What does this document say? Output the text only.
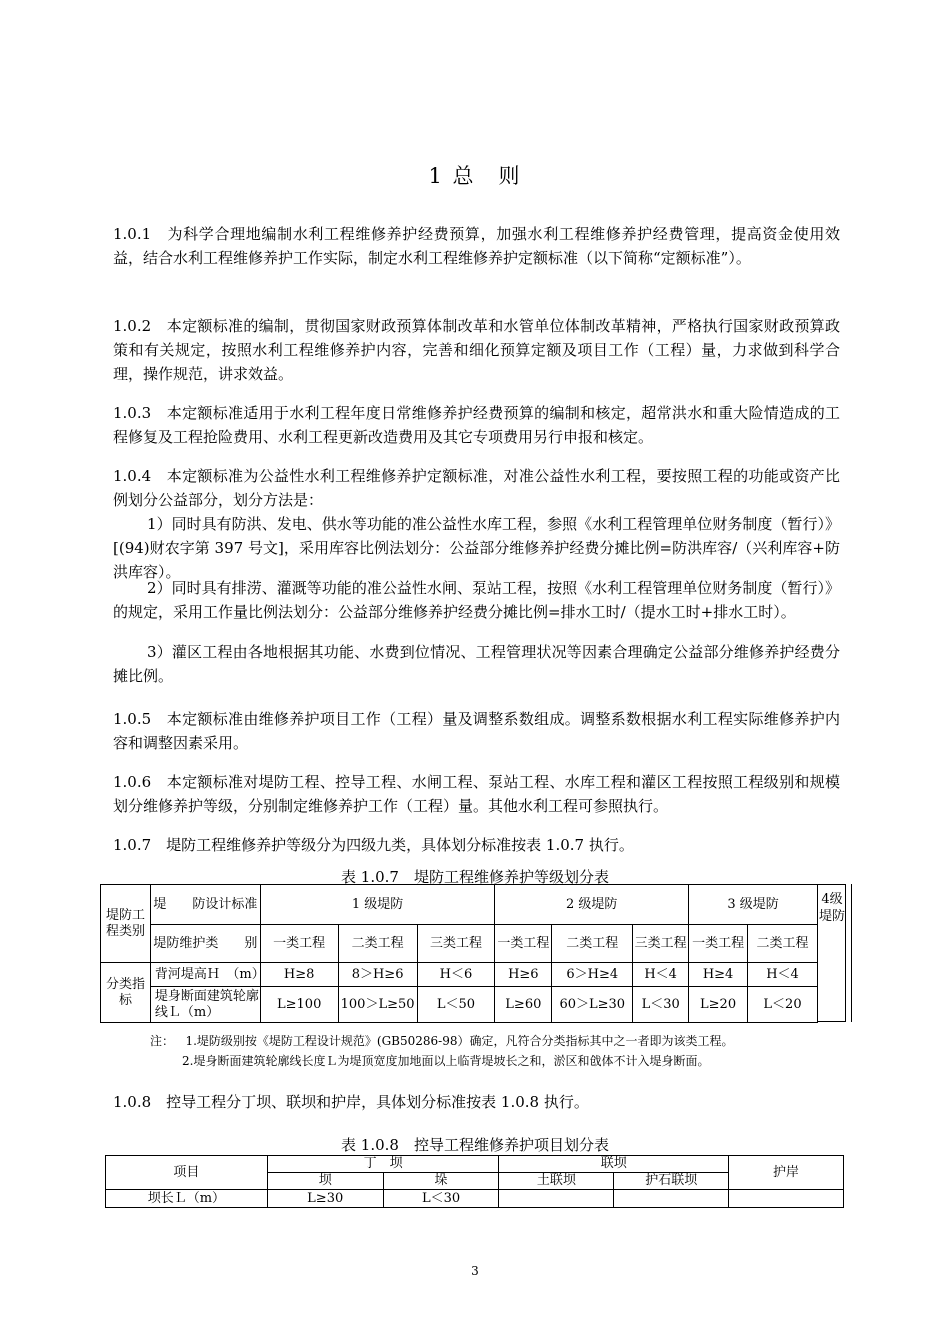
1 总　则
1.0.1　为科学合理地编制水利工程维修养护经费预算，加强水利工程维修养护经费管理，提高资金使用效益，结合水利工程维修养护工作实际，制定水利工程维修养护定额标准（以下简称“定额标准”）。
1.0.2　本定额标准的编制，贯彻国家财政预算体制改革和水管单位体制改革精神，严格执行国家财政预算政策和有关规定，按照水利工程维修养护内容，完善和细化预算定额及项目工作（工程）量，力求做到科学合理，操作规范，讲求效益。
1.0.3　本定额标准适用于水利工程年度日常维修养护经费预算的编制和核定，超常洪水和重大险情造成的工程修复及工程抢险费用、水利工程更新改造费用及其它专项费用另行申报和核定。
1.0.4　本定额标准为公益性水利工程维修养护定额标准，对准公益性水利工程，要按照工程的功能或资产比例划分公益部分，划分方法是：
1）同时具有防洪、发电、供水等功能的准公益性水库工程，参照《水利工程管理单位财务制度（暂行）》[(94)财农字第 397 号文]，采用库容比例法划分：公益部分维修养护经费分摊比例=防洪库容/（兴利库容+防洪库容）。
2）同时具有排涝、灌溉等功能的准公益性水闸、泵站工程，按照《水利工程管理单位财务制度（暂行）》的规定，采用工作量比例法划分：公益部分维修养护经费分摊比例=排水工时/（提水工时+排水工时）。
3）灌区工程由各地根据其功能、水费到位情况、工程管理状况等因素合理确定公益部分维修养护经费分摊比例。
1.0.5　本定额标准由维修养护项目工作（工程）量及调整系数组成。调整系数根据水利工程实际维修养护内容和调整因素采用。
1.0.6　本定额标准对堤防工程、控导工程、水闸工程、泵站工程、水库工程和灌区工程按照工程级别和规模划分维修养护等级，分别制定维修养护工作（工程）量。其他水利工程可参照执行。
1.0.7　堤防工程维修养护等级分为四级九类，具体划分标准按表 1.0.7 执行。
表 1.0.7　堤防工程维修养护等级划分表
堤防工程类别	堤　　防设计标准	1 级堤防			2 级堤防			3 级堤防	
	堤防维护类　　别	一类工程	二类工程	三类工程	一类工程	二类工程	三类工程	一类工程	二类工程
分类指标	背河堤高Ｈ　（m）	H≥8	8＞H≥6	H＜6	H≥6	6＞H≥4	H＜4	H≥4	H＜4
	堤身断面建筑轮廓线Ｌ（m）	L≥100	100＞L≥50	L＜50	L≥60	60＞L≥30	L＜30	L≥20	L＜20
4级堤防
注： 1.堤防级别按《堤防工程设计规范》(GB50286-98）确定，凡符合分类指标其中之一者即为该类工程。
2.堤身断面建筑轮廓线长度Ｌ为堤顶宽度加地面以上临背堤坡长之和，淤区和戗体不计入堤身断面。
1.0.8　控导工程分丁坝、联坝和护岸，具体划分标准按表 1.0.8 执行。
表 1.0.8　控导工程维修养护项目划分表
项目	丁　坝		联坝		护岸
	坝	垛	土联坝	护石联坝	
坝长Ｌ（m）	L≥30	L＜30			
3
